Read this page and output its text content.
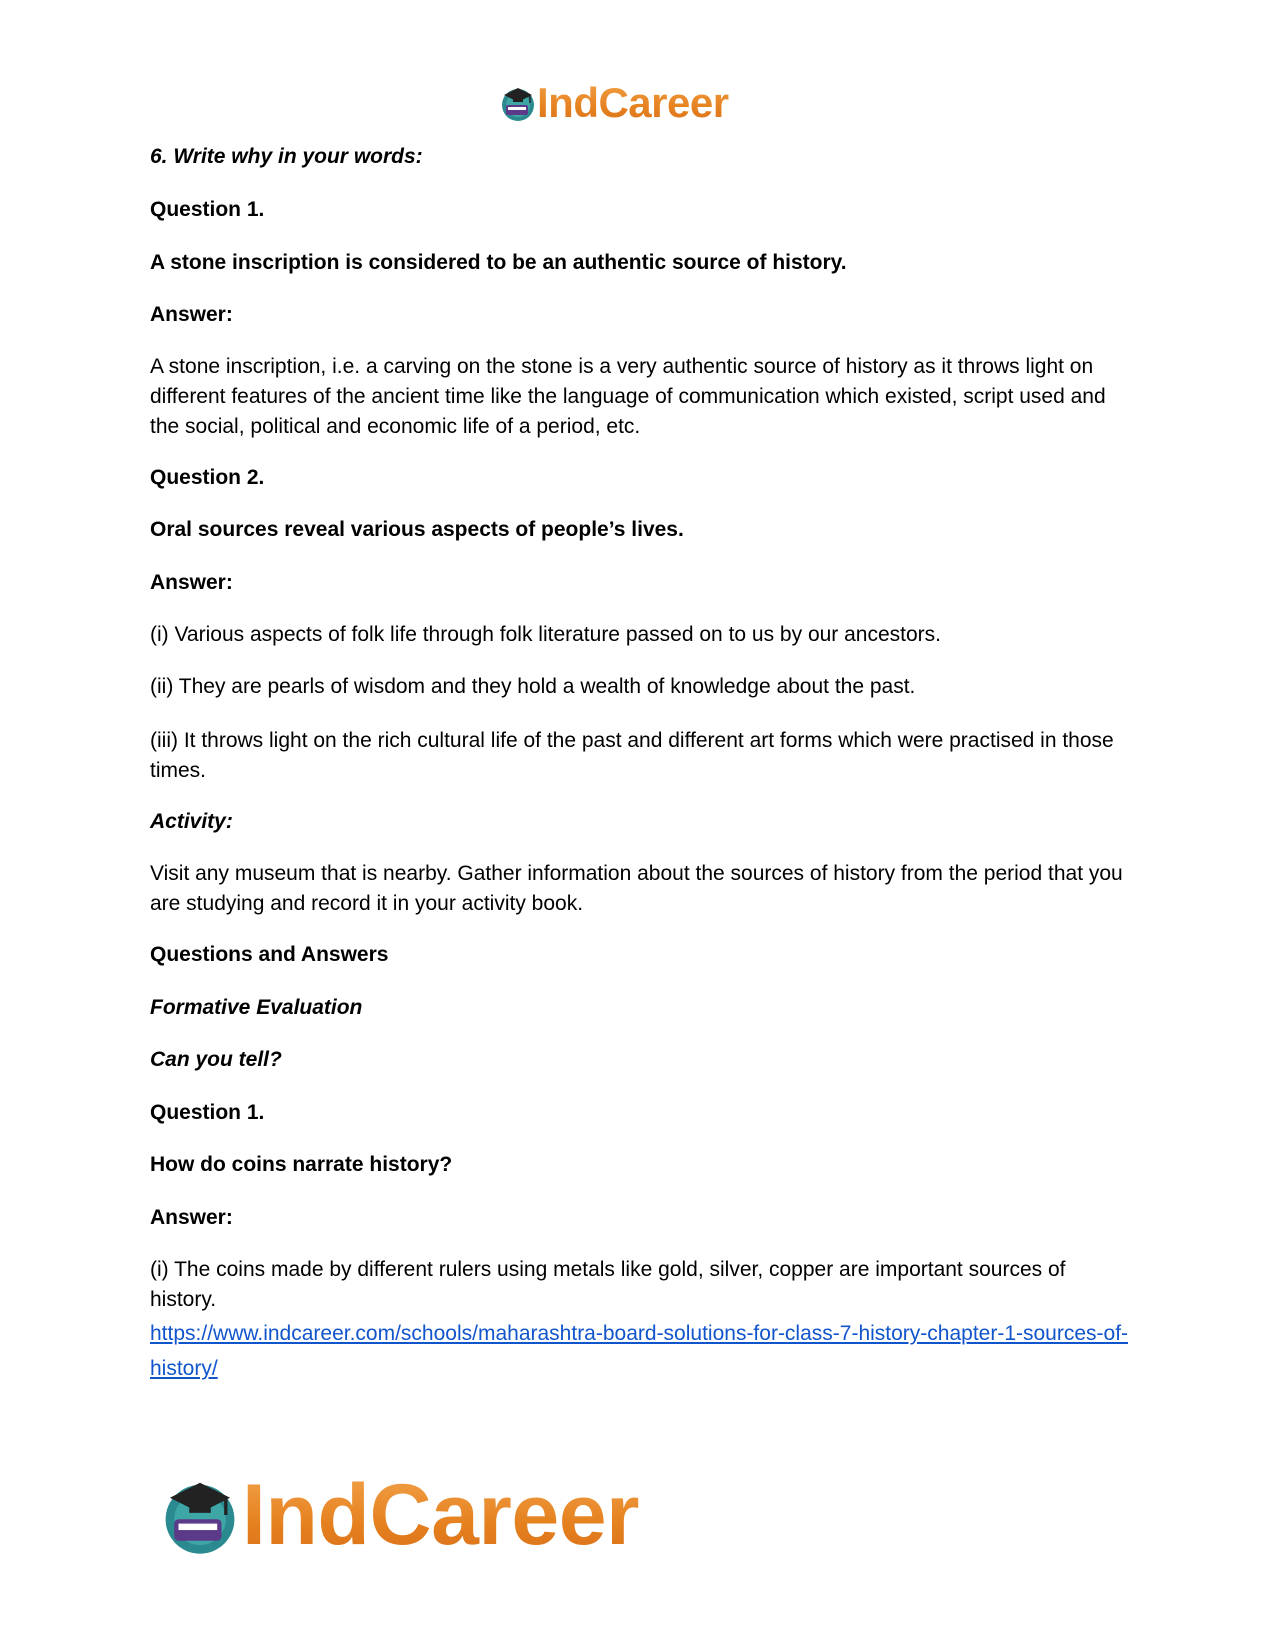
IndCareer
6. Write why in your words:
Question 1.
A stone inscription is considered to be an authentic source of history.
Answer:
A stone inscription, i.e. a carving on the stone is a very authentic source of history as it throws light on different features of the ancient time like the language of communication which existed, script used and the social, political and economic life of a period, etc.
Question 2.
Oral sources reveal various aspects of people’s lives.
Answer:
(i) Various aspects of folk life through folk literature passed on to us by our ancestors.
(ii) They are pearls of wisdom and they hold a wealth of knowledge about the past.
(iii) It throws light on the rich cultural life of the past and different art forms which were practised in those times.
Activity:
Visit any museum that is nearby. Gather information about the sources of history from the period that you are studying and record it in your activity book.
Questions and Answers
Formative Evaluation
Can you tell?
Question 1.
How do coins narrate history?
Answer:
(i) The coins made by different rulers using metals like gold, silver, copper are important sources of history.
https://www.indcareer.com/schools/maharashtra-board-solutions-for-class-7-history-chapter-1-sources-of-history/
IndCareer
